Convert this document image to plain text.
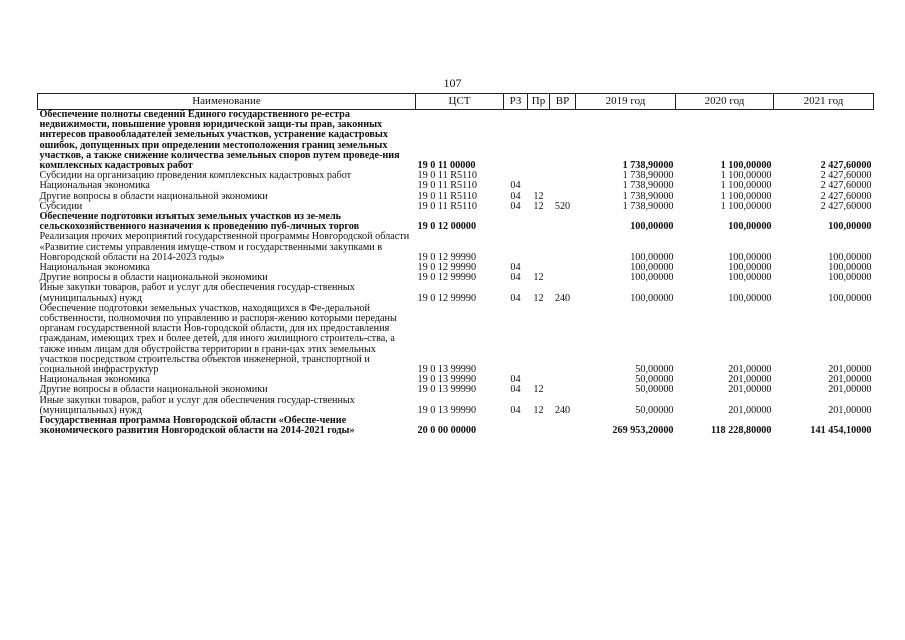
107
Наименование	ЦСТ	РЗ	Пр	ВР	2019 год	2020 год	2021 год
Обеспечение полноты сведений Единого государственного ре-естра недвижимости, повышение уровня юридической защи-ты прав, законных интересов правообладателей земельных участков, устранение кадастровых ошибок, допущенных при определении местоположения границ земельных участков, а также снижение количества земельных споров путем проведе-ния комплексных кадастровых работ	19 0 11 00000				1 738,90000	1 100,00000	2 427,60000
Субсидии на организацию проведения комплексных кадастровых работ	19 0 11 R5110				1 738,90000	1 100,00000	2 427,60000
Национальная экономика	19 0 11 R5110	04			1 738,90000	1 100,00000	2 427,60000
Другие вопросы в области национальной экономики	19 0 11 R5110	04	12		1 738,90000	1 100,00000	2 427,60000
Субсидии	19 0 11 R5110	04	12	520	1 738,90000	1 100,00000	2 427,60000
Обеспечение подготовки изъятых земельных участков из зе-мель сельскохозяйственного назначения к проведению пуб-личных торгов	19 0 12 00000				100,00000	100,00000	100,00000
Реализация прочих мероприятий государственной программы Новгородской области «Развитие системы управления имуще-ством и государственными закупками в Новгородской области на 2014-2023 годы»	19 0 12 99990				100,00000	100,00000	100,00000
Национальная экономика	19 0 12 99990	04			100,00000	100,00000	100,00000
Другие вопросы в области национальной экономики	19 0 12 99990	04	12		100,00000	100,00000	100,00000
Иные закупки товаров, работ и услуг для обеспечения государ-ственных (муниципальных) нужд	19 0 12 99990	04	12	240	100,00000	100,00000	100,00000
Обеспечение подготовки земельных участков, находящихся в Фе-деральной собственности, полномочия по управлению и распоря-жению которыми переданы органам государственной власти Нов-городской области, для их предоставления гражданам, имеющих трех и более детей, для иного жилищного строитель-ства, а также иным лицам для обустройства территории в грани-цах этих земельных участков посредством строительства объектов инженерной, транспортной и социальной инфраструктур	19 0 13 99990				50,00000	201,00000	201,00000
Национальная экономика	19 0 13 99990	04			50,00000	201,00000	201,00000
Другие вопросы в области национальной экономики	19 0 13 99990	04	12		50,00000	201,00000	201,00000
Иные закупки товаров, работ и услуг для обеспечения государ-ственных (муниципальных) нужд	19 0 13 99990	04	12	240	50,00000	201,00000	201,00000
Государственная программа Новгородской области «Обеспе-чение экономического развития Новгородской области на 2014-2021 годы»	20 0 00 00000				269 953,20000	118 228,80000	141 454,10000
